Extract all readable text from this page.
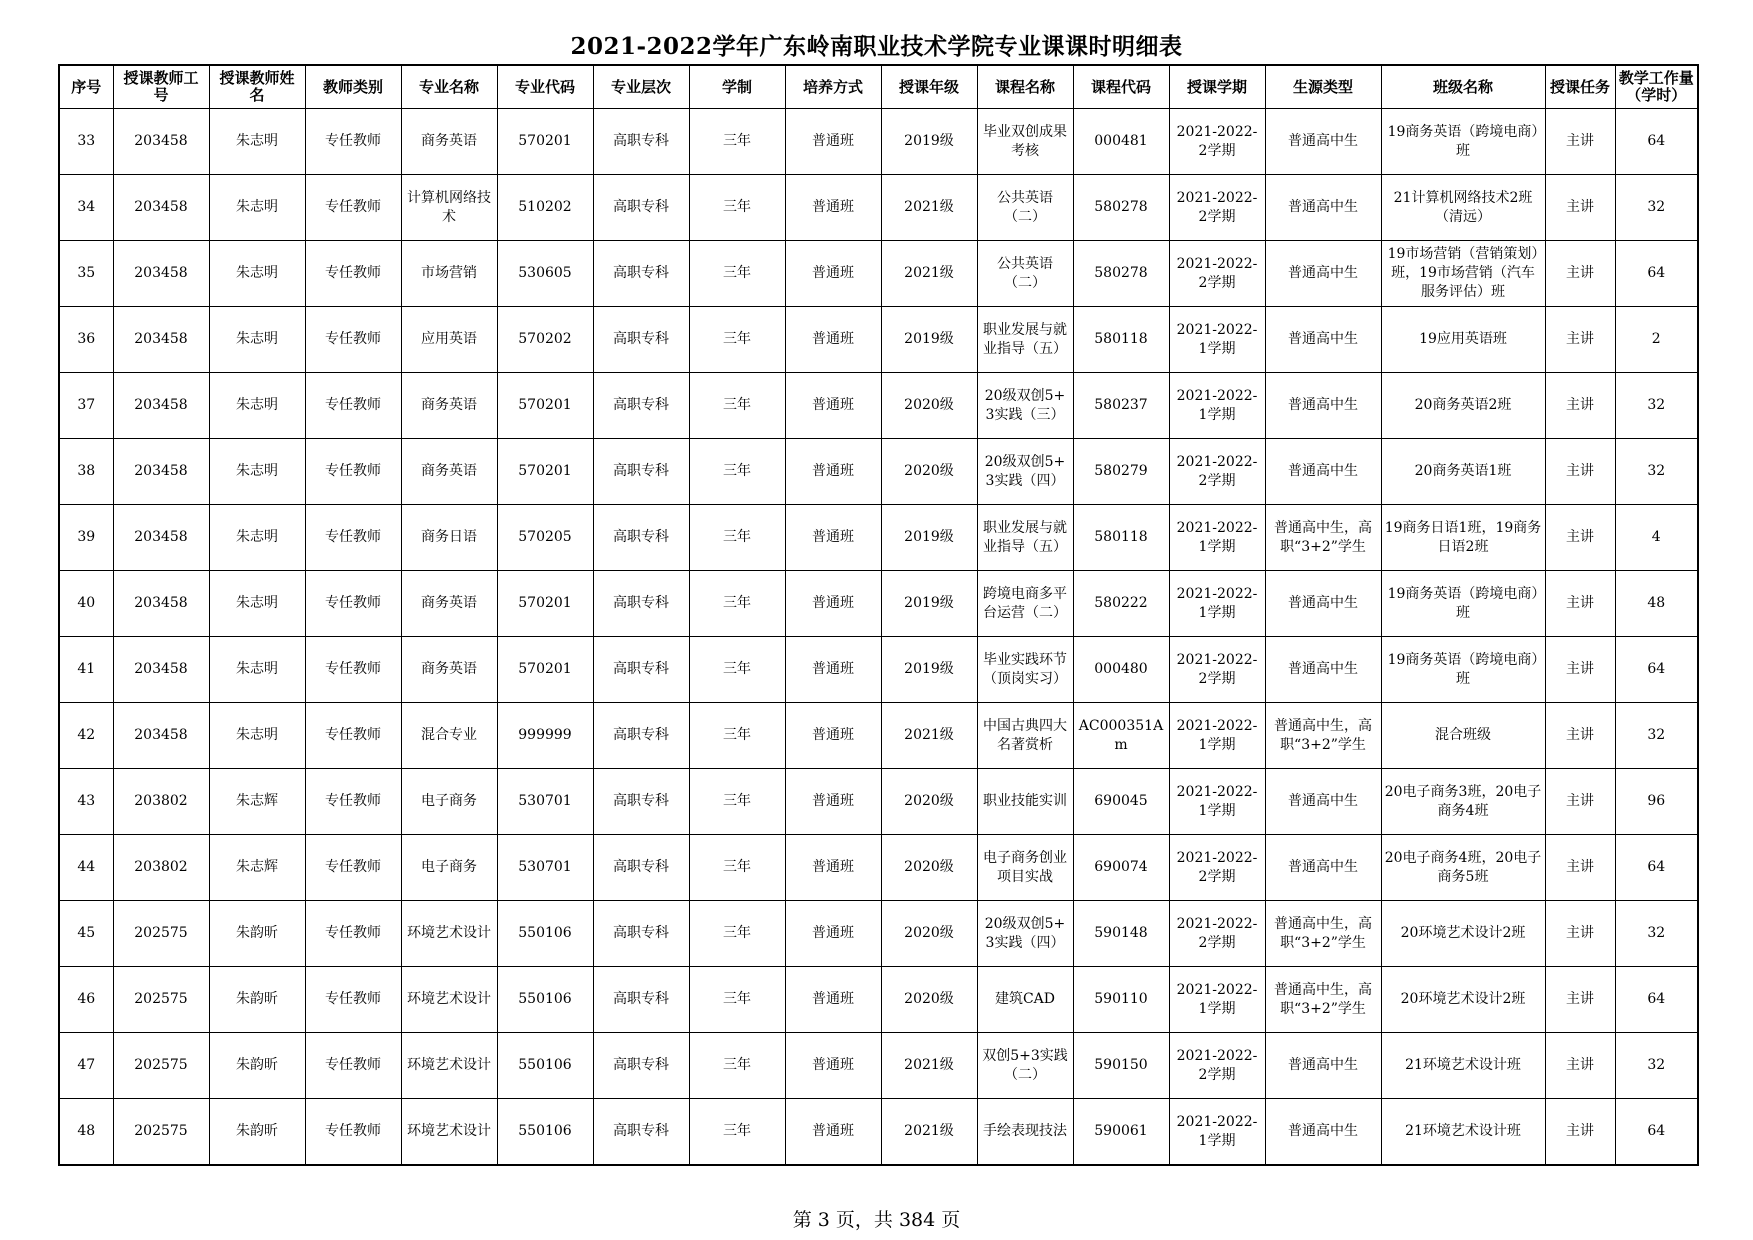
2021-2022学年广东岭南职业技术学院专业课课时明细表
序号	授课教师工号	授课教师姓名	教师类别	专业名称	专业代码	专业层次	学制	培养方式	授课年级	课程名称	课程代码	授课学期	生源类型	班级名称	授课任务	教学工作量（学时）
33	203458	朱志明	专任教师	商务英语	570201	高职专科	三年	普通班	2019级	毕业双创成果考核	000481	2021-2022-2学期	普通高中生	19商务英语（跨境电商）班	主讲	64
34	203458	朱志明	专任教师	计算机网络技术	510202	高职专科	三年	普通班	2021级	公共英语（二）	580278	2021-2022-2学期	普通高中生	21计算机网络技术2班（清远）	主讲	32
35	203458	朱志明	专任教师	市场营销	530605	高职专科	三年	普通班	2021级	公共英语（二）	580278	2021-2022-2学期	普通高中生	19市场营销（营销策划）班，19市场营销（汽车服务评估）班	主讲	64
36	203458	朱志明	专任教师	应用英语	570202	高职专科	三年	普通班	2019级	职业发展与就业指导（五）	580118	2021-2022-1学期	普通高中生	19应用英语班	主讲	2
37	203458	朱志明	专任教师	商务英语	570201	高职专科	三年	普通班	2020级	20级双创5+3实践（三）	580237	2021-2022-1学期	普通高中生	20商务英语2班	主讲	32
38	203458	朱志明	专任教师	商务英语	570201	高职专科	三年	普通班	2020级	20级双创5+3实践（四）	580279	2021-2022-2学期	普通高中生	20商务英语1班	主讲	32
39	203458	朱志明	专任教师	商务日语	570205	高职专科	三年	普通班	2019级	职业发展与就业指导（五）	580118	2021-2022-1学期	普通高中生，高职“3+2”学生	19商务日语1班，19商务日语2班	主讲	4
40	203458	朱志明	专任教师	商务英语	570201	高职专科	三年	普通班	2019级	跨境电商多平台运营（二）	580222	2021-2022-1学期	普通高中生	19商务英语（跨境电商）班	主讲	48
41	203458	朱志明	专任教师	商务英语	570201	高职专科	三年	普通班	2019级	毕业实践环节（顶岗实习）	000480	2021-2022-2学期	普通高中生	19商务英语（跨境电商）班	主讲	64
42	203458	朱志明	专任教师	混合专业	999999	高职专科	三年	普通班	2021级	中国古典四大名著赏析	AC000351Am	2021-2022-1学期	普通高中生，高职“3+2”学生	混合班级	主讲	32
43	203802	朱志辉	专任教师	电子商务	530701	高职专科	三年	普通班	2020级	职业技能实训	690045	2021-2022-1学期	普通高中生	20电子商务3班，20电子商务4班	主讲	96
44	203802	朱志辉	专任教师	电子商务	530701	高职专科	三年	普通班	2020级	电子商务创业项目实战	690074	2021-2022-2学期	普通高中生	20电子商务4班，20电子商务5班	主讲	64
45	202575	朱韵昕	专任教师	环境艺术设计	550106	高职专科	三年	普通班	2020级	20级双创5+3实践（四）	590148	2021-2022-2学期	普通高中生，高职“3+2”学生	20环境艺术设计2班	主讲	32
46	202575	朱韵昕	专任教师	环境艺术设计	550106	高职专科	三年	普通班	2020级	建筑CAD	590110	2021-2022-1学期	普通高中生，高职“3+2”学生	20环境艺术设计2班	主讲	64
47	202575	朱韵昕	专任教师	环境艺术设计	550106	高职专科	三年	普通班	2021级	双创5+3实践（二）	590150	2021-2022-2学期	普通高中生	21环境艺术设计班	主讲	32
48	202575	朱韵昕	专任教师	环境艺术设计	550106	高职专科	三年	普通班	2021级	手绘表现技法	590061	2021-2022-1学期	普通高中生	21环境艺术设计班	主讲	64
第 3 页，共 384 页
